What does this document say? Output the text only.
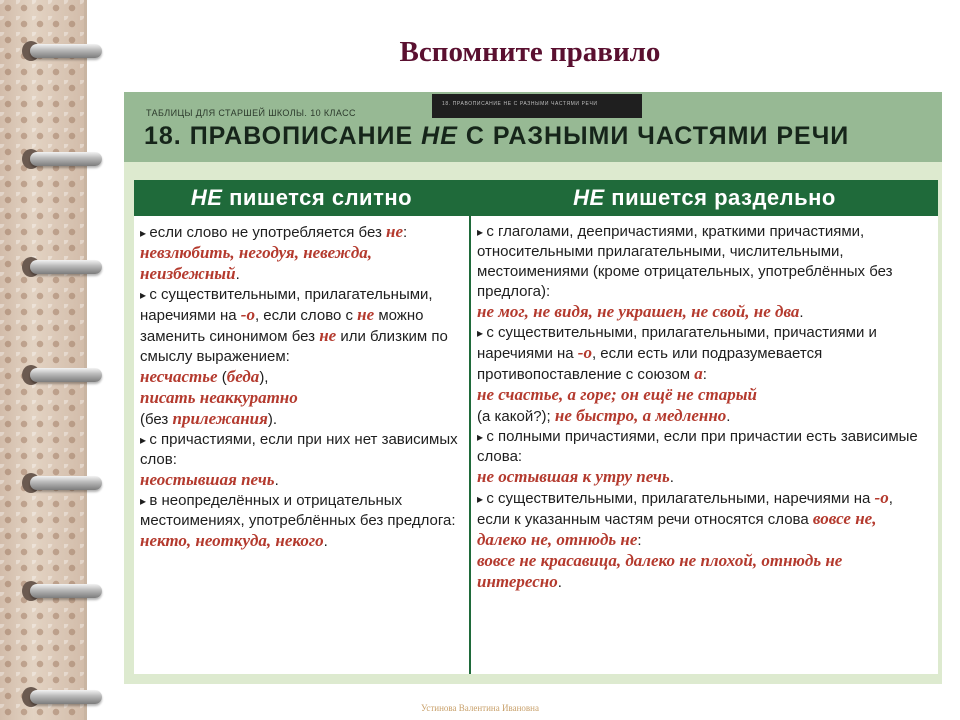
Вспомните правило
ТАБЛИЦЫ ДЛЯ СТАРШЕЙ ШКОЛЫ. 10 КЛАСС
18. ПРАВОПИСАНИЕ НЕ С РАЗНЫМИ ЧАСТЯМИ РЕЧИ
18. ПРАВОПИСАНИЕ НЕ С РАЗНЫМИ ЧАСТЯМИ РЕЧИ
НЕ пишется слитно

▸ если слово не употребляется без не:
невзлюбить, негодуя, невежда, неизбежный.

▸ с существительными, прилагательными, наречиями на -о, если слово с не можно заменить синонимом без не или близким по смыслу выражением:
несчастье (беда),
писать неаккуратно
(без прилежания).

▸ с причастиями, если при них нет зависимых слов:
неостывшая печь.

▸ в неопределённых и отрицательных местоимениях, употреблённых без предлога:
некто, неоткуда, некого.

НЕ пишется раздельно

▸ с глаголами, деепричастиями, краткими причастиями, относительными прилагательными, числительными, местоимениями (кроме отрицательных, употреблённых без предлога):
не мог, не видя, не украшен, не свой, не два.

▸ с существительными, прилагательными, причастиями и наречиями на -о, если есть или подразумевается противопоставление с союзом а:
не счастье, а горе; он ещё не старый
(а какой?); не быстро, а медленно.

▸ с полными причастиями, если при причастии есть зависимые слова:
не остывшая к утру печь.

▸ с существительными, прилагательными, наречиями на -о, если к указанным частям речи относятся слова вовсе не, далеко не, отнюдь не:
вовсе не красавица, далеко не плохой, отнюдь не интересно.

Устинова Валентина Ивановна
